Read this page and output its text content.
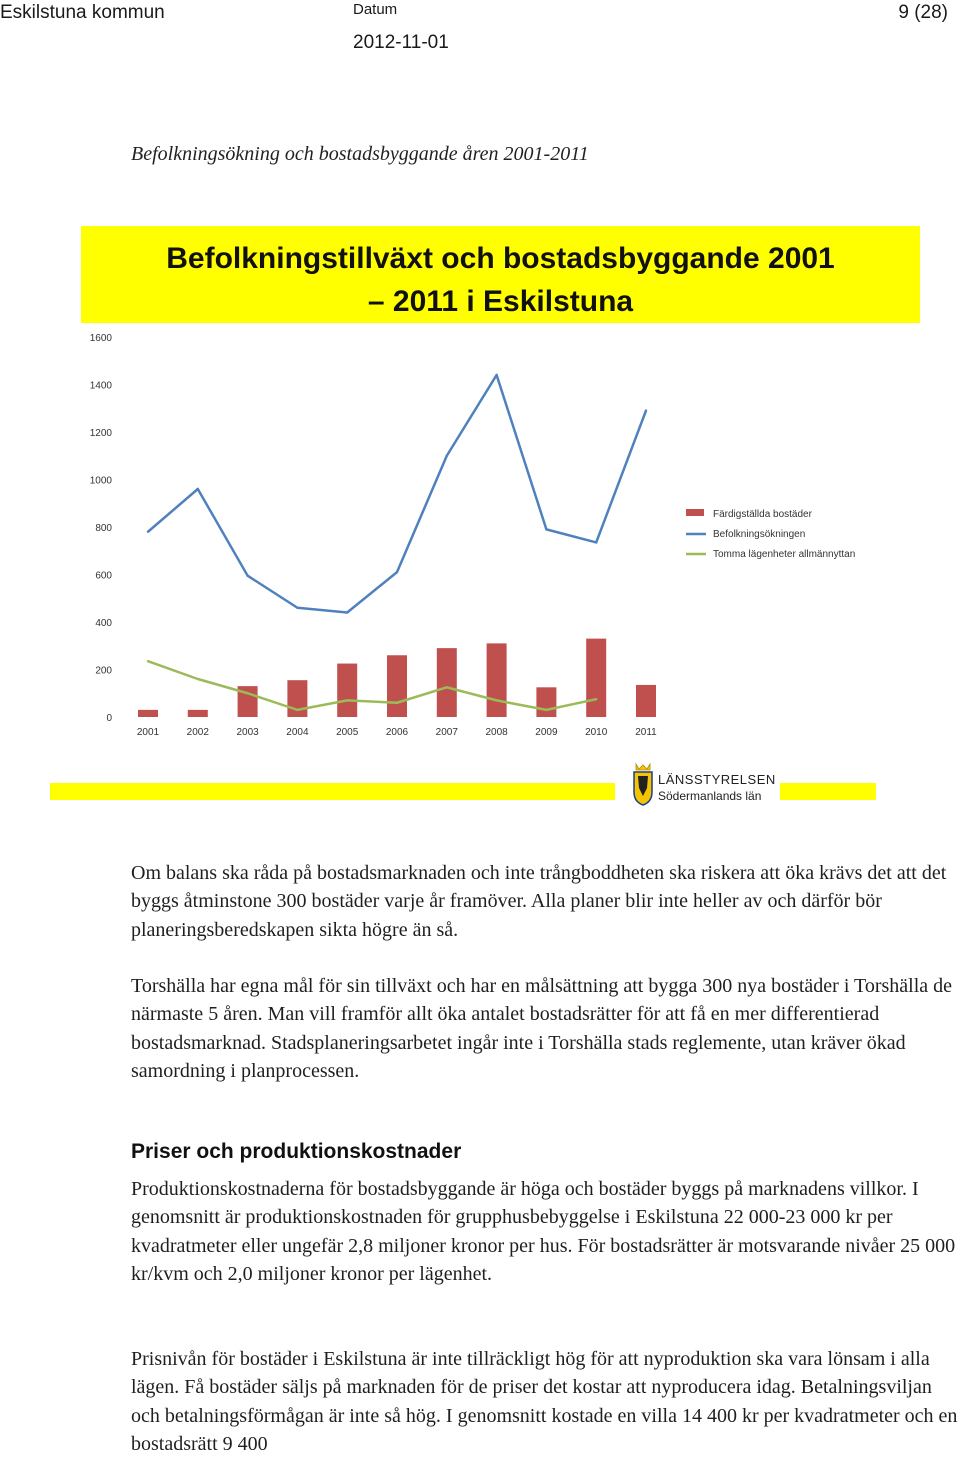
Eskilstuna kommun	Datum
2012-11-01
9 (28)
Befolkningsökning och bostadsbyggande åren 2001-2011
Befolkningstillväxt och bostadsbyggande 2001
– 2011 i Eskilstuna
0
200
400
600
800
1000
1200
1400
1600
2001	2002	2003	2004	2005	2006	2007	2008	2009	2010	2011
Färdigställda bostäder
Befolkningsökningen
Tomma lägenheter allmännyttan
LÄNSSTYRELSEN
Södermanlands län

Om balans ska råda på bostadsmarknaden och inte trångboddheten ska riskera att öka krävs det att det byggs åtminstone 300 bostäder varje år framöver. Alla planer blir inte heller av och därför bör planeringsberedskapen sikta högre än så.

Torshälla har egna mål för sin tillväxt och har en målsättning att bygga 300 nya bostäder i Torshälla de närmaste 5 åren. Man vill framför allt öka antalet bostadsrätter för att få en mer differentierad bostadsmarknad. Stadsplaneringsarbetet ingår inte i Torshälla stads reglemente, utan kräver ökad samordning i planprocessen.

Priser och produktionskostnader

Produktionskostnaderna för bostadsbyggande är höga och bostäder byggs på marknadens villkor. I genomsnitt är produktionskostnaden för grupphusbebyggelse i Eskilstuna 22 000-23 000 kr per kvadratmeter eller ungefär 2,8 miljoner kronor per hus. För bostadsrätter är motsvarande nivåer 25 000 kr/kvm och 2,0 miljoner kronor per lägenhet.

Prisnivån för bostäder i Eskilstuna är inte tillräckligt hög för att nyproduktion ska vara lönsam i alla lägen. Få bostäder säljs på marknaden för de priser det kostar att nyproducera idag. Betalningsviljan och betalningsförmågan är inte så hög. I genomsnitt kostade en villa 14 400 kr per kvadratmeter och en bostadsrätt 9 400
